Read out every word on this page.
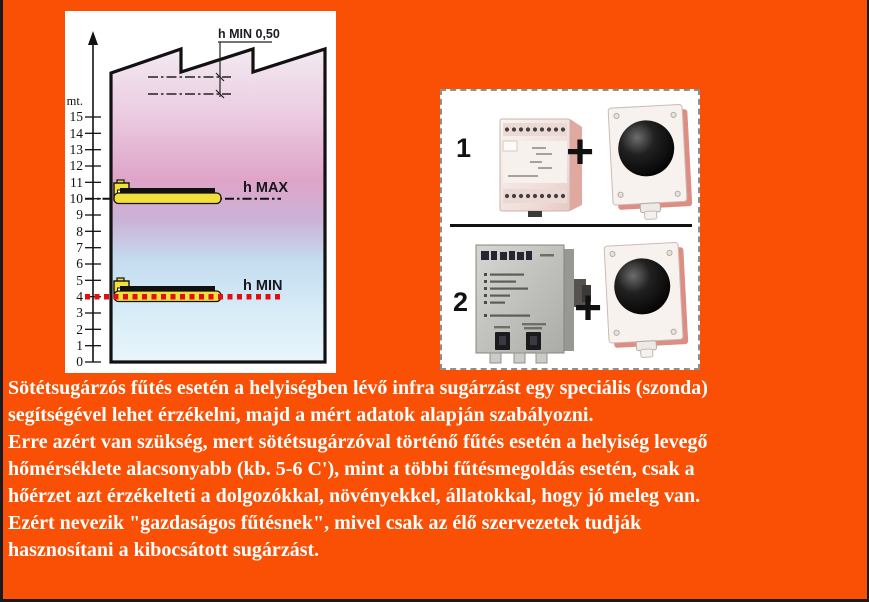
h MIN 0,50
0
1
2
3
4
5
6
7
8
9
10
11
12
13
14
15
mt.
h MAX
h MIN
1 +
2 +
Sötétsugárzós fűtés esetén a helyiségben lévő infra sugárzást egy speciális (szonda)
segítségével lehet érzékelni, majd a mért adatok alapján szabályozni.
Erre azért van szükség, mert sötétsugárzóval történő fűtés esetén a helyiség levegő
hőmérséklete alacsonyabb (kb. 5-6 C'), mint a többi fűtésmegoldás esetén, csak a
hőérzet azt érzékelteti a dolgozókkal, növényekkel, állatokkal, hogy jó meleg van.
Ezért nevezik "gazdaságos fűtésnek", mivel csak az élő szervezetek tudják
hasznosítani a kibocsátott sugárzást.
